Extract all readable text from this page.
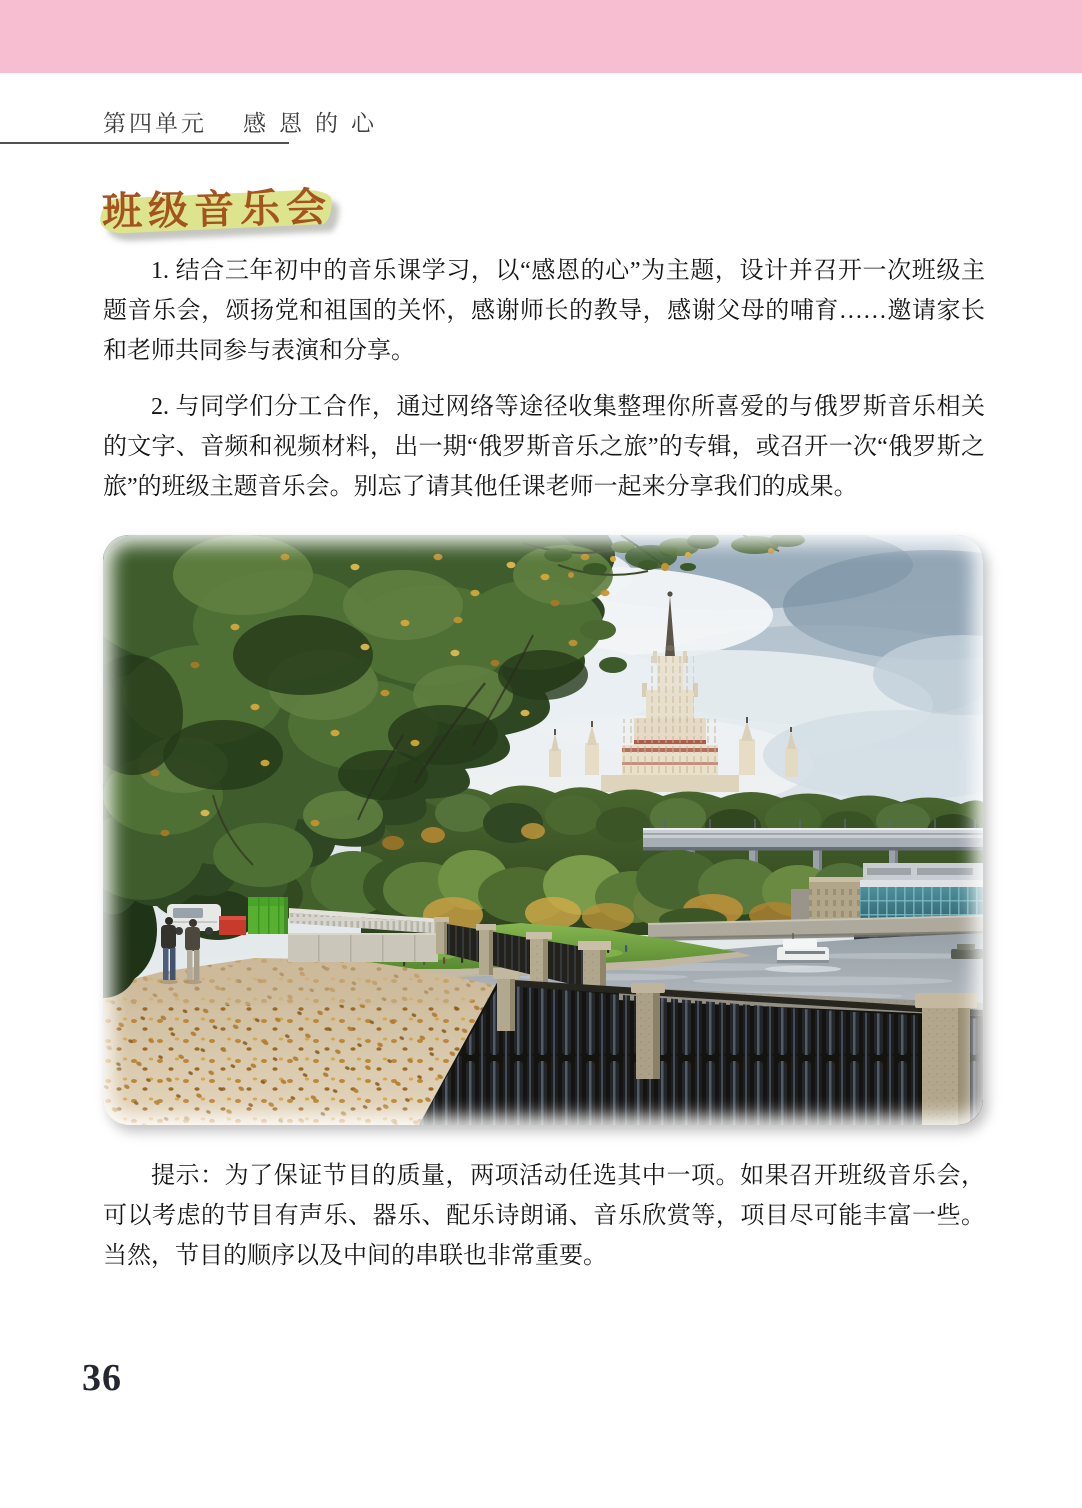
第四单元 感恩的心
班级音乐会

1. 结合三年初中的音乐课学习，以“感恩的心”为主题，设计并召开一次班级主题音乐会，颂扬党和祖国的关怀，感谢师长的教导，感谢父母的哺育……邀请家长和老师共同参与表演和分享。

2. 与同学们分工合作，通过网络等途径收集整理你所喜爱的与俄罗斯音乐相关的文字、音频和视频材料，出一期“俄罗斯音乐之旅”的专辑，或召开一次“俄罗斯之旅”的班级主题音乐会。别忘了请其他任课老师一起来分享我们的成果。

提示：为了保证节目的质量，两项活动任选其中一项。如果召开班级音乐会，可以考虑的节目有声乐、器乐、配乐诗朗诵、音乐欣赏等，项目尽可能丰富一些。当然，节目的顺序以及中间的串联也非常重要。

36
